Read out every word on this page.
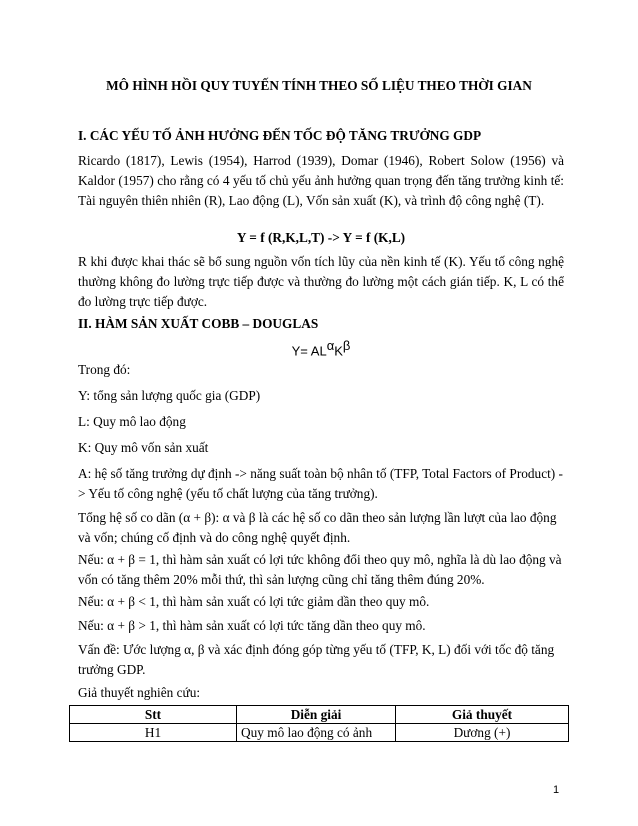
MÔ HÌNH HỒI QUY TUYẾN TÍNH THEO SỐ LIỆU THEO THỜI GIAN
I. CÁC YẾU TỐ ẢNH HƯỞNG ĐẾN TỐC ĐỘ TĂNG TRƯỞNG GDP
Ricardo (1817), Lewis (1954), Harrod (1939), Domar (1946), Robert Solow (1956) và Kaldor (1957) cho rằng có 4 yếu tố chủ yếu ảnh hưởng quan trọng đến tăng trưởng kinh tế: Tài nguyên thiên nhiên (R), Lao động (L), Vốn sản xuất (K), và trình độ công nghệ (T).
Y = f (R,K,L,T) -> Y = f (K,L)
R khi được khai thác sẽ bổ sung nguồn vốn tích lũy của nền kinh tế (K). Yếu tố công nghệ thường không đo lường trực tiếp được và thường đo lường một cách gián tiếp. K, L có thể đo lường trực tiếp được.
II. HÀM SẢN XUẤT COBB – DOUGLAS
$Y= AL^\alpha K^\beta$
Trong đó:
Y: tổng sản lượng quốc gia (GDP)
L: Quy mô lao động
K: Quy mô vốn sản xuất
A: hệ số tăng trưởng dự định -> năng suất toàn bộ nhân tố (TFP, Total Factors of Product) -> Yếu tố công nghệ (yếu tố chất lượng của tăng trưởng).
Tổng hệ số co dãn (α + β): α và β là các hệ số co dãn theo sản lượng lần lượt của lao động và vốn; chúng cố định và do công nghệ quyết định.
Nếu: α + β = 1, thì hàm sản xuất có lợi tức không đổi theo quy mô, nghĩa là dù lao động và vốn có tăng thêm 20% mỗi thứ, thì sản lượng cũng chỉ tăng thêm đúng 20%.
Nếu: α + β < 1, thì hàm sản xuất có lợi tức giảm dần theo quy mô.
Nếu: α + β > 1, thì hàm sản xuất có lợi tức tăng dần theo quy mô.
Vấn đề: Ước lượng α, β và xác định đóng góp từng yếu tố (TFP, K, L) đối với tốc độ tăng trưởng GDP.
Giả thuyết nghiên cứu:
Stt	Diễn giải	Giả thuyết
H1	Quy mô lao động có ảnh	Dương (+)
1
